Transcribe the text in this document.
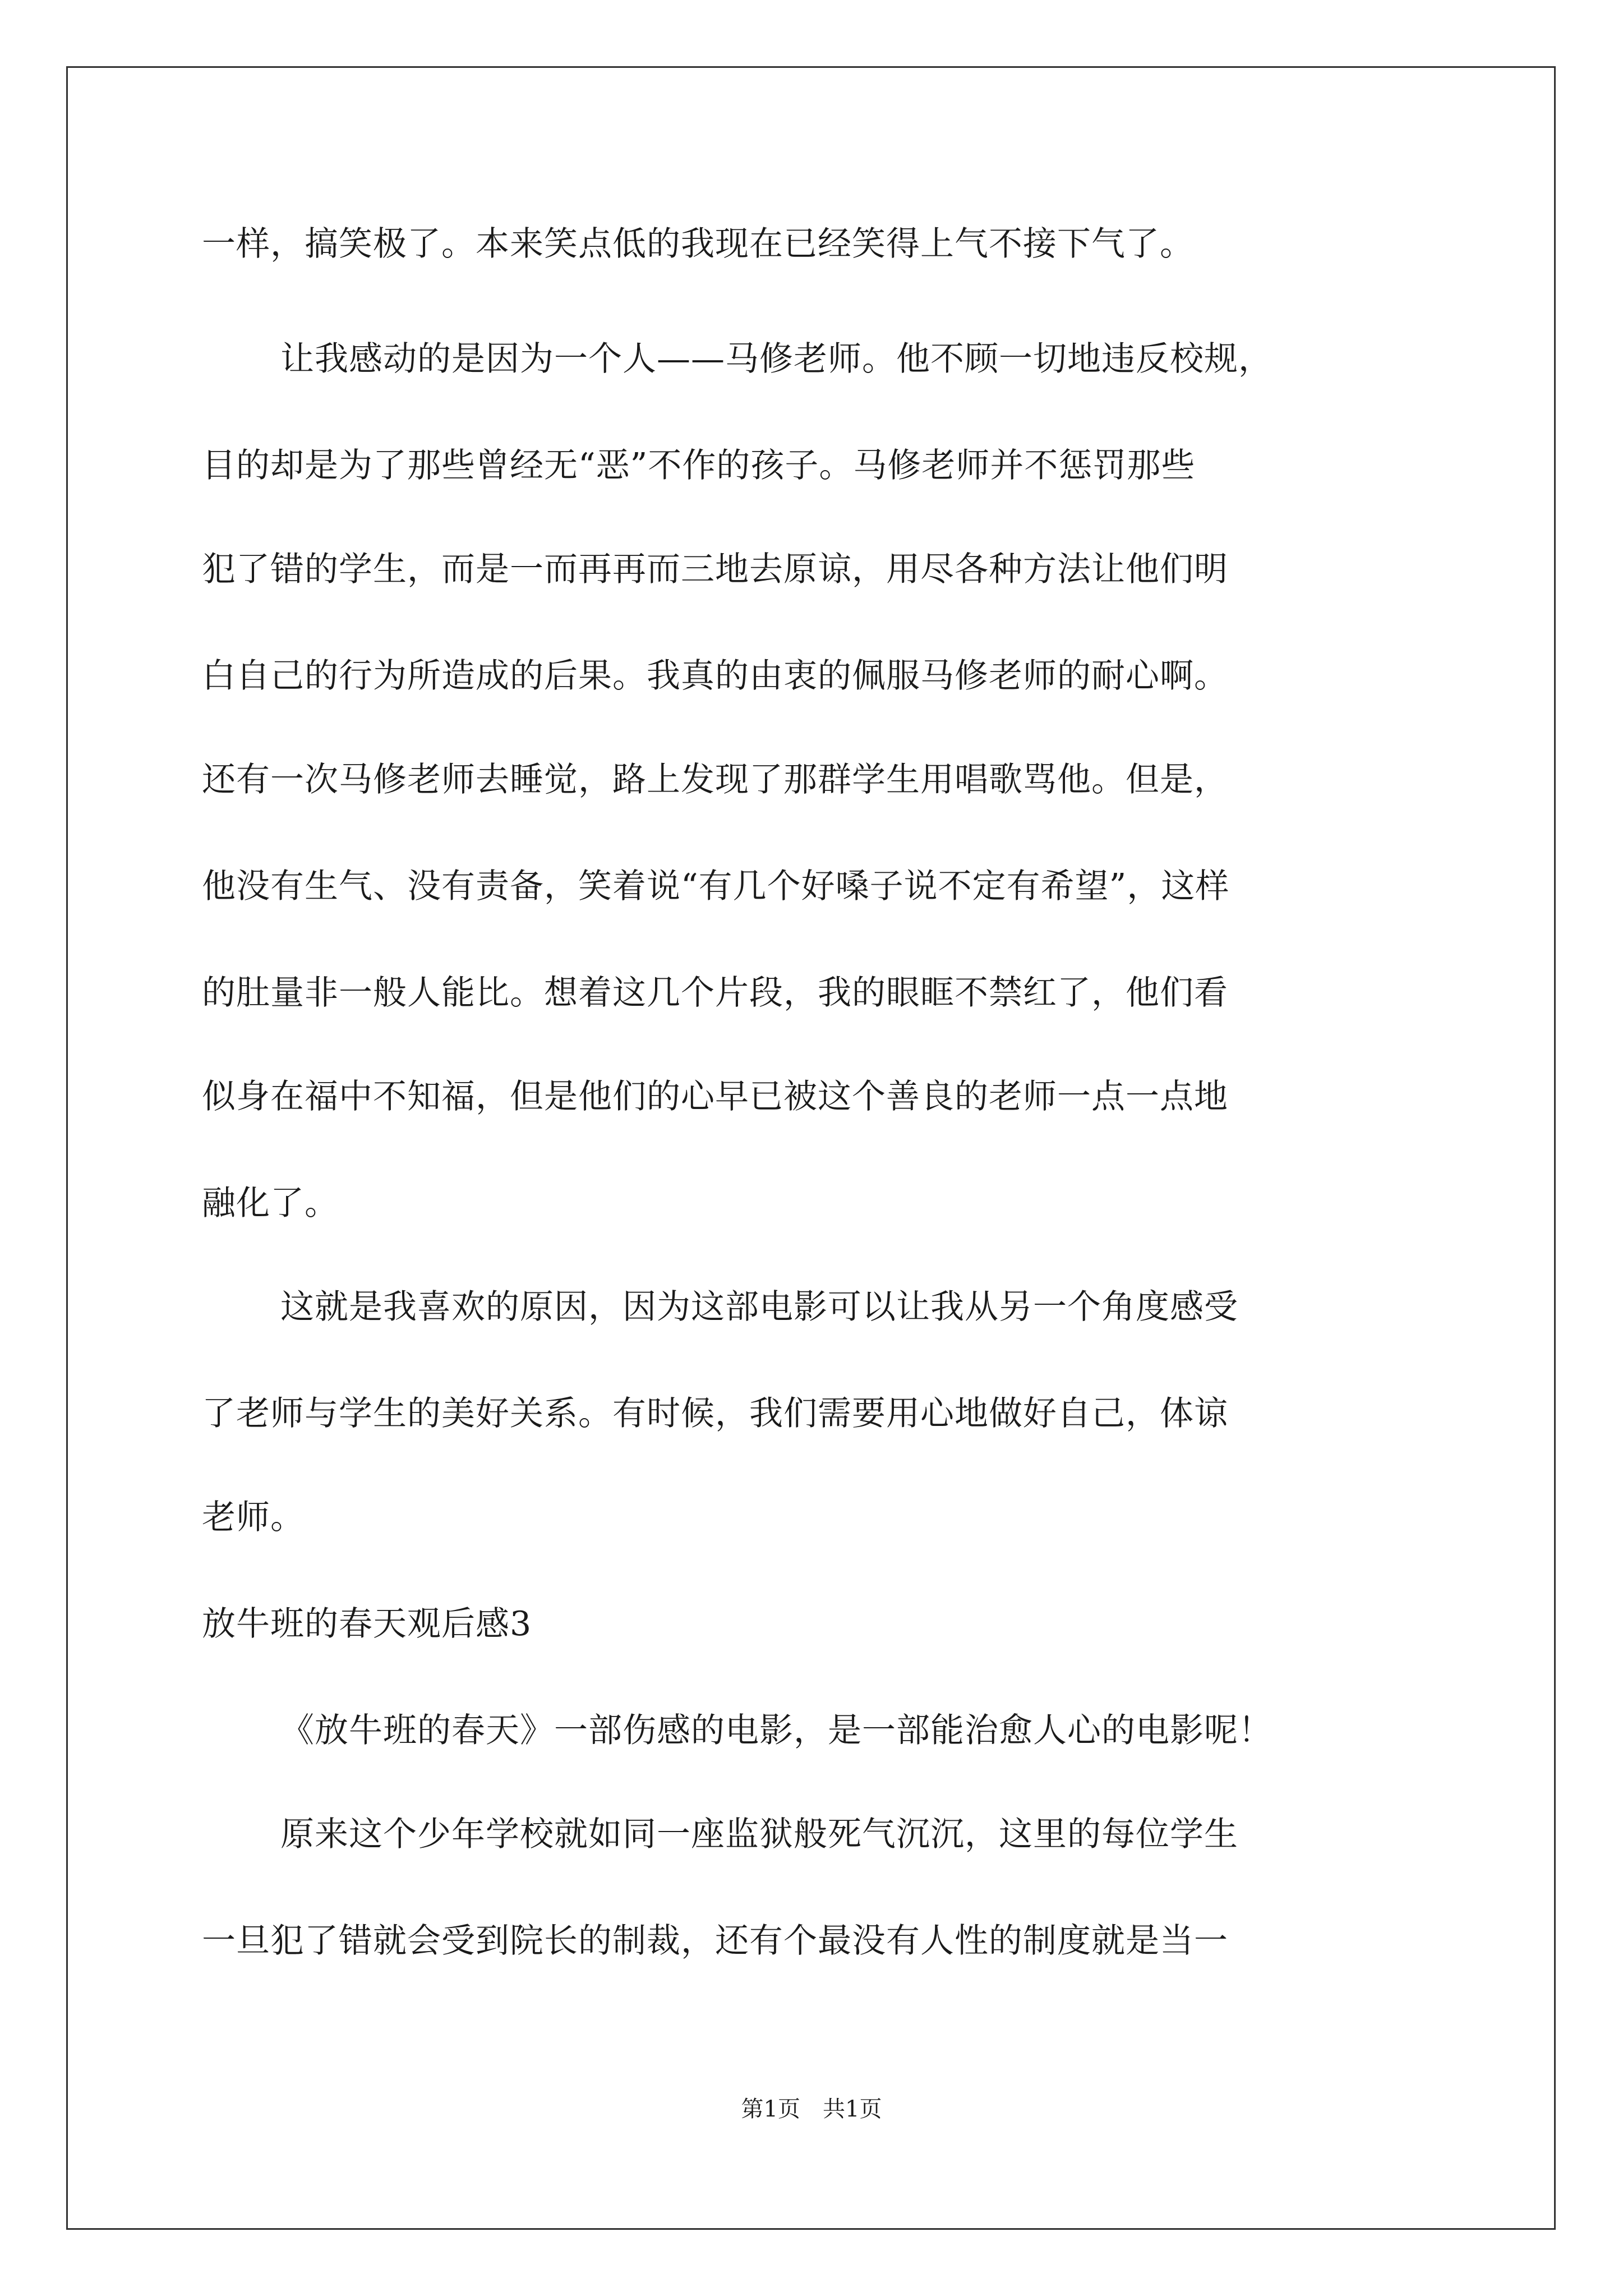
一样，搞笑极了。本来笑点低的我现在已经笑得上气不接下气了。
让我感动的是因为一个人——马修老师。他不顾一切地违反校规，
目的却是为了那些曾经无“恶”不作的孩子。马修老师并不惩罚那些
犯了错的学生，而是一而再再而三地去原谅，用尽各种方法让他们明
白自己的行为所造成的后果。我真的由衷的佩服马修老师的耐心啊。
还有一次马修老师去睡觉，路上发现了那群学生用唱歌骂他。但是，
他没有生气、没有责备，笑着说“有几个好嗓子说不定有希望”，这样
的肚量非一般人能比。想着这几个片段，我的眼眶不禁红了，他们看
似身在福中不知福，但是他们的心早已被这个善良的老师一点一点地
融化了。
这就是我喜欢的原因，因为这部电影可以让我从另一个角度感受
了老师与学生的美好关系。有时候，我们需要用心地做好自己，体谅
老师。
放牛班的春天观后感3
《放牛班的春天》一部伤感的电影，是一部能治愈人心的电影呢！
原来这个少年学校就如同一座监狱般死气沉沉，这里的每位学生
一旦犯了错就会受到院长的制裁，还有个最没有人性的制度就是当一
第1页　共1页
